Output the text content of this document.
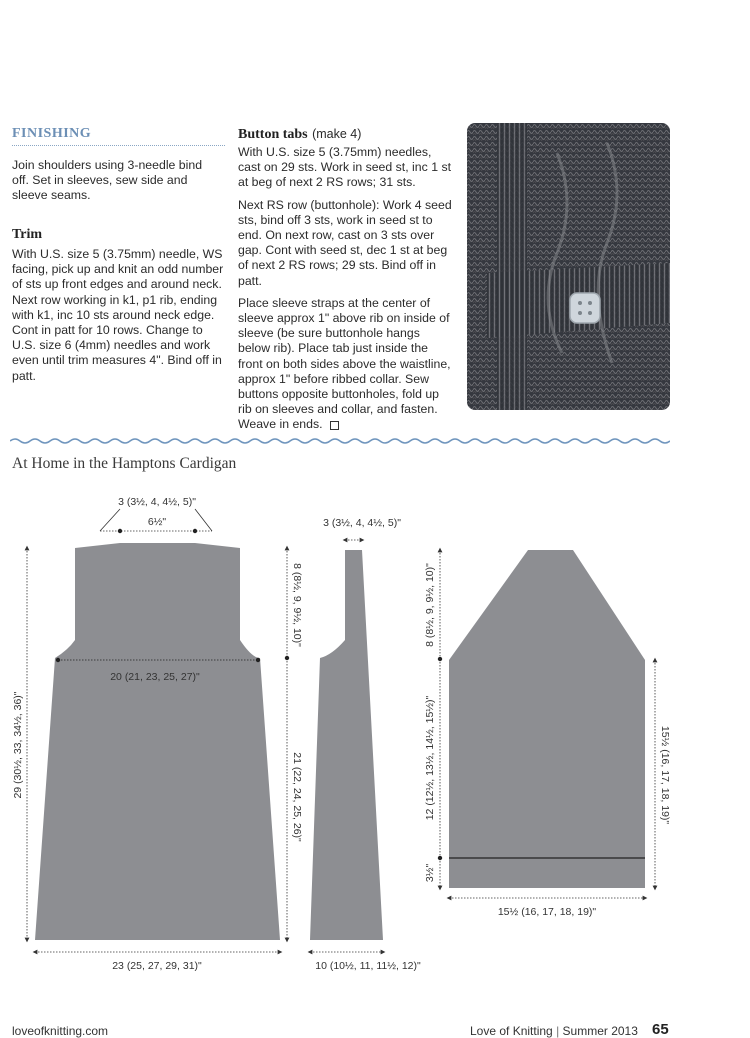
FINISHING
Join shoulders using 3-needle bind off. Set in sleeves, sew side and sleeve seams.
Trim
With U.S. size 5 (3.75mm) needle, WS facing, pick up and knit an odd number of sts up front edges and around neck. Next row working in k1, p1 rib, ending with k1, inc 10 sts around neck edge. Cont in patt for 10 rows. Change to U.S. size 6 (4mm) needles and work even until trim measures 4". Bind off in patt.
Button tabs (make 4)

With U.S. size 5 (3.75mm) needles, cast on 29 sts. Work in seed st, inc 1 st at beg of next 2 RS rows; 31 sts.

Next RS row (buttonhole): Work 4 seed sts, bind off 3 sts, work in seed st to end. On next row, cast on 3 sts over gap. Cont with seed st, dec 1 st at beg of next 2 RS rows; 29 sts. Bind off in patt.

Place sleeve straps at the center of sleeve approx 1" above rib on inside of sleeve (be sure buttonhole hangs below rib). Place tab just inside the front on both sides above the waistline, approx 1" before ribbed collar. Sew buttons opposite buttonholes, fold up rib on sleeves and collar, and fasten. Weave in ends.

At Home in the Hamptons Cardigan
3 (3½, 4, 4½, 5)"
6½"
20 (21, 23, 25, 27)"
29 (30½, 33, 34½, 36)"
8 (8½, 9, 9½, 10)"
21 (22, 24, 25, 26)"
23 (25, 27, 29, 31)"
3 (3½, 4, 4½, 5)"
10 (10½, 11, 11½, 12)"
8 (8½, 9, 9½, 10)"
12 (12½, 13½, 14½, 15½)"
3½"
15½ (16, 17, 18, 19)"
15½ (16, 17, 18, 19)"
loveofknitting.com	Love of Knitting | Summer 2013 65
